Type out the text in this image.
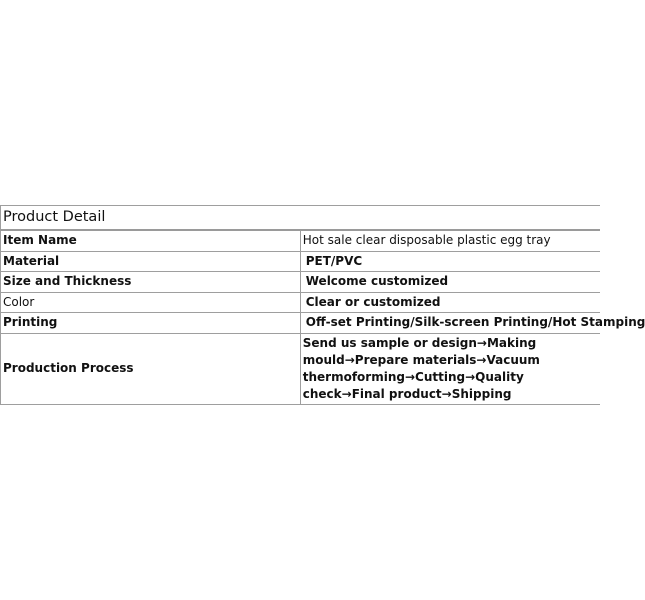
Product Detail	
Item Name	Hot sale clear disposable plastic egg tray
Material	PET/PVC
Size and Thickness	Welcome customized
Color	Clear or customized
Printing	Off-set Printing/Silk-screen Printing/Hot Stamping
Production Process	Send us sample or design→Making mould→Prepare materials→Vacuum thermoforming→Cutting→Quality check→Final product→Shipping
